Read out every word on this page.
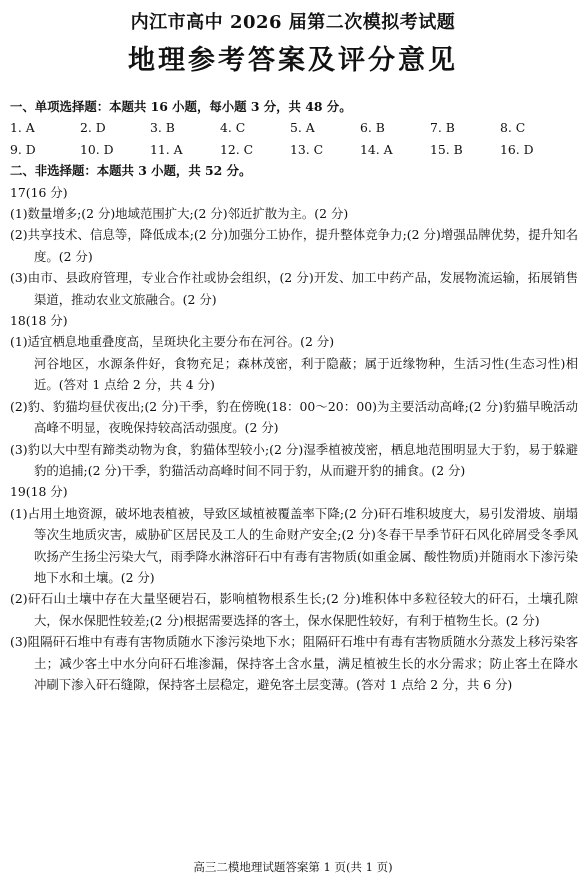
内江市高中 2026 届第二次模拟考试题
地理参考答案及评分意见
一、单项选择题：本题共 16 小题，每小题 3 分，共 48 分。
1. A	2. D	3. B	4. C	5. A	6. B	7. B	8. C
9. D	10. D	11. A	12. C	13. C	14. A	15. B	16. D
二、非选择题：本题共 3 小题，共 52 分。
17(16 分)
(1)数量增多;(2 分)地域范围扩大;(2 分)邻近扩散为主。(2 分)
(2)共享技术、信息等，降低成本;(2 分)加强分工协作，提升整体竞争力;(2 分)增强品牌优势，提升知名度。(2 分)
(3)由市、县政府管理，专业合作社或协会组织，(2 分)开发、加工中药产品，发展物流运输，拓展销售渠道，推动农业文旅融合。(2 分)
18(18 分)
(1)适宜栖息地重叠度高，呈斑块化主要分布在河谷。(2 分)
河谷地区，水源条件好，食物充足；森林茂密，利于隐蔽；属于近缘物种，生活习性(生态习性)相近。(答对 1 点给 2 分，共 4 分)
(2)豹、豹猫均昼伏夜出;(2 分)干季，豹在傍晚(18：00～20：00)为主要活动高峰;(2 分)豹猫早晚活动高峰不明显，夜晚保持较高活动强度。(2 分)
(3)豹以大中型有蹄类动物为食，豹猫体型较小;(2 分)湿季植被茂密，栖息地范围明显大于豹，易于躲避豹的追捕;(2 分)干季，豹猫活动高峰时间不同于豹，从而避开豹的捕食。(2 分)
19(18 分)
(1)占用土地资源，破坏地表植被，导致区域植被覆盖率下降;(2 分)矸石堆积坡度大，易引发滑坡、崩塌等次生地质灾害，威胁矿区居民及工人的生命财产安全;(2 分)冬春干旱季节矸石风化碎屑受冬季风吹扬产生扬尘污染大气，雨季降水淋溶矸石中有毒有害物质(如重金属、酸性物质)并随雨水下渗污染地下水和土壤。(2 分)
(2)矸石山土壤中存在大量坚硬岩石，影响植物根系生长;(2 分)堆积体中多粒径较大的矸石，土壤孔隙大，保水保肥性较差;(2 分)根据需要选择的客土，保水保肥性较好，有利于植物生长。(2 分)
(3)阻隔矸石堆中有毒有害物质随水下渗污染地下水；阻隔矸石堆中有毒有害物质随水分蒸发上移污染客土；减少客土中水分向矸石堆渗漏，保持客土含水量，满足植被生长的水分需求；防止客土在降水冲刷下渗入矸石缝隙，保持客土层稳定，避免客土层变薄。(答对 1 点给 2 分，共 6 分)
高三二模地理试题答案第 1 页(共 1 页)
